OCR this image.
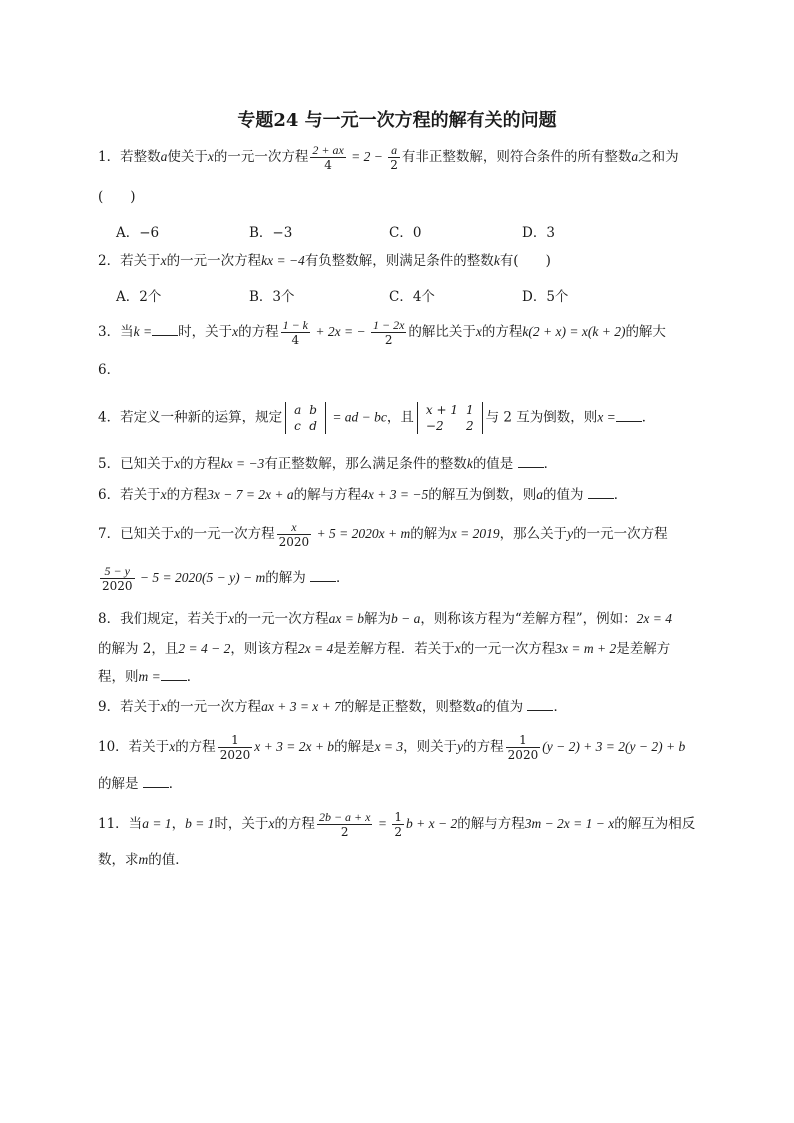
专题24 与一元一次方程的解有关的问题
1．若整数a使关于x的一元一次方程 $\frac{2 + ax}{4} = 2 - \frac{a}{2}$ 有非正整数解，则符合条件的所有整数a之和为
(　　)
A．−6	B．−3	C．0	D．3
2．若关于x的一元一次方程kx = −4有负整数解，则满足条件的整数k有(　　)
A．2个	B．3个	C．4个	D．5个
3．当k = 时，关于x的方程 $\frac{1 - k}{4} + 2x$ = − $\frac{1 - 2x}{2}$ 的解比关于x的方程k(2 + x) = x(k + 2)的解大
6．
4．若定义一种新的运算，规定 a	b
c	d
= ad − bc，且 x + 1	1
−2	2
与 2 互为倒数，则x = ．
5．已知关于x的方程kx = −3有正整数解，那么满足条件的整数k的值是 ．
6．若关于x的方程3x − 7 = 2x + a的解与方程4x + 3 = −5的解互为倒数，则a的值为 ．
7．已知关于x的一元一次方程 $\frac{x}{2020} + 5 = 2020x + m$的解为x = 2019，那么关于y的一元一次方程
$\frac{5 - y}{2020} - 5 = 2020(5 - y) - m$的解为 ．
8．我们规定，若关于x的一元一次方程ax = b解为b − a，则称该方程为“差解方程”，例如：2x = 4
的解为 2，且2 = 4 − 2，则该方程2x = 4是差解方程．若关于x的一元一次方程3x = m + 2是差解方
程，则m = ．
9．若关于x的一元一次方程ax + 3 = x + 7的解是正整数，则整数a的值为 ．
10．若关于x的方程 $\frac{1}{2020}$ x + 3 = 2x + b的解是x = 3，则关于y的方程 $\frac{1}{2020} (y - 2) + 3 = 2(y - 2) + b$
的解是 ．
11．当a = 1，b = 1时，关于x的方程 $\frac{2b - a + x}{2} = \frac{1}{2}$ b + x − 2的解与方程3m − 2x = 1 − x的解互为相反
数，求m的值．
